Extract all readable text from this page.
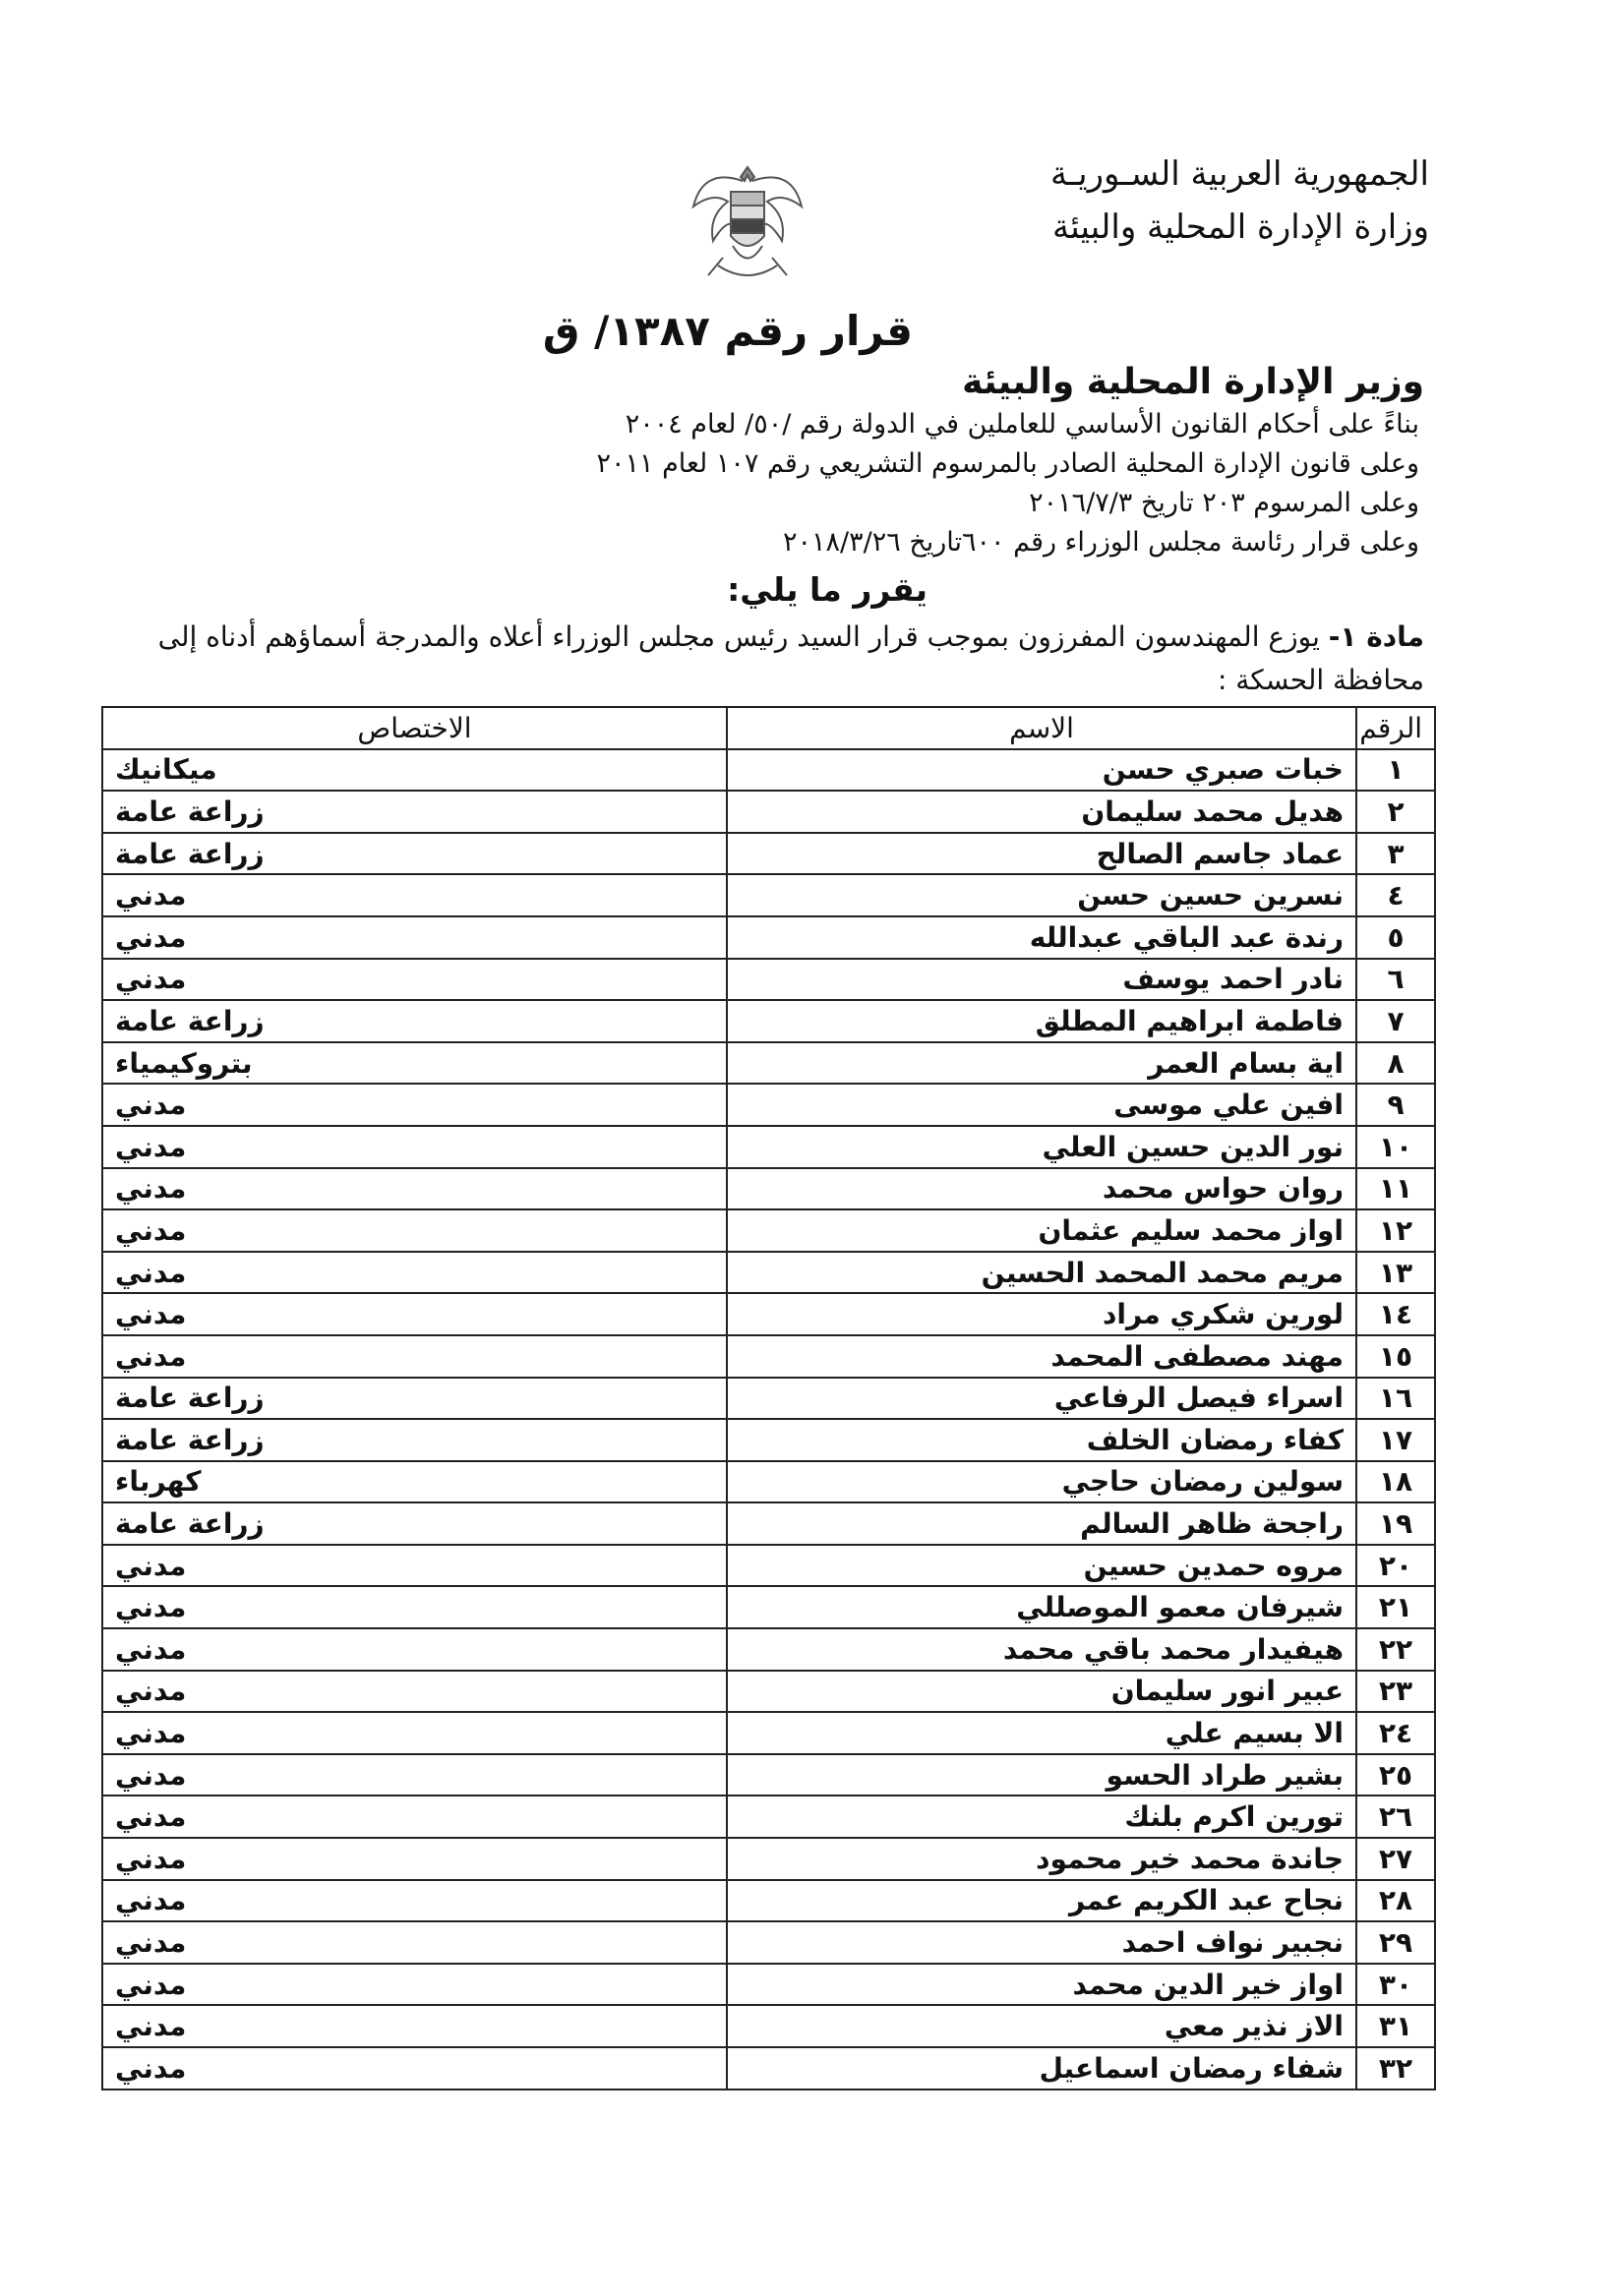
الجمهورية العربية السـوريـة
وزارة الإدارة المحلية والبيئة
قرار رقم ١٣٨٧/ ق
وزير الإدارة المحلية والبيئة
بناءً على أحكام القانون الأساسي للعاملين في الدولة رقم /٥٠/ لعام ٢٠٠٤
وعلى قانون الإدارة المحلية الصادر بالمرسوم التشريعي رقم ١٠٧ لعام ٢٠١١
وعلى المرسوم ٢٠٣ تاريخ ٢٠١٦/٧/٣
وعلى قرار رئاسة مجلس الوزراء رقم ٦٠٠تاريخ ٢٠١٨/٣/٢٦
يقرر ما يلي:
مادة ١- يوزع المهندسون المفرزون بموجب قرار السيد رئيس مجلس الوزراء أعلاه والمدرجة أسماؤهم أدناه إلى محافظة الحسكة :
الرقم	الاسم	الاختصاص
١	خبات صبري حسن	ميكانيك
٢	هديل محمد سليمان	زراعة عامة
٣	عماد جاسم الصالح	زراعة عامة
٤	نسرين حسين حسن	مدني
٥	رندة عبد الباقي عبدالله	مدني
٦	نادر احمد يوسف	مدني
٧	فاطمة ابراهيم المطلق	زراعة عامة
٨	اية بسام العمر	بتروكيمياء
٩	افين علي موسى	مدني
١٠	نور الدين حسين العلي	مدني
١١	روان حواس محمد	مدني
١٢	اواز محمد سليم عثمان	مدني
١٣	مريم محمد المحمد الحسين	مدني
١٤	لورين شكري مراد	مدني
١٥	مهند مصطفى المحمد	مدني
١٦	اسراء فيصل الرفاعي	زراعة عامة
١٧	كفاء رمضان الخلف	زراعة عامة
١٨	سولين رمضان حاجي	كهرباء
١٩	راجحة ظاهر السالم	زراعة عامة
٢٠	مروه حمدين حسين	مدني
٢١	شيرفان معمو الموصللي	مدني
٢٢	هيفيدار محمد باقي محمد	مدني
٢٣	عبير انور سليمان	مدني
٢٤	الا بسيم علي	مدني
٢٥	بشير طراد الحسو	مدني
٢٦	تورين اكرم بلنك	مدني
٢٧	جاندة محمد خير محمود	مدني
٢٨	نجاح عبد الكريم عمر	مدني
٢٩	نجبير نواف احمد	مدني
٣٠	اواز خير الدين محمد	مدني
٣١	الاز نذير معي	مدني
٣٢	شفاء رمضان اسماعيل	مدني
